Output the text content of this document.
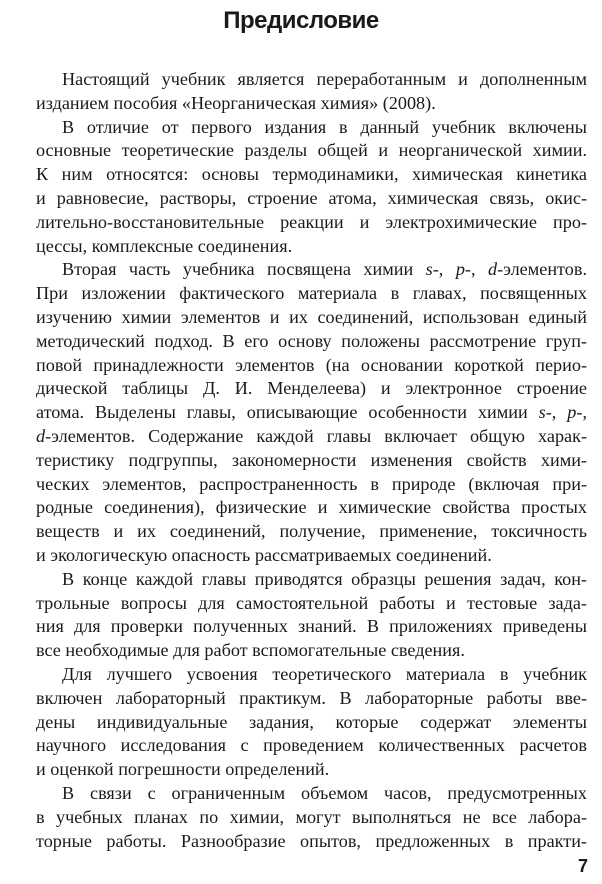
Предисловие
Настоящий учебник является переработанным и дополненным
изданием пособия «Неорганическая химия» (2008).
В отличие от первого издания в данный учебник включены
основные теоретические разделы общей и неорганической химии.
К ним относятся: основы термодинамики, химическая кинетика
и равновесие, растворы, строение атома, химическая связь, окис-
лительно-восстановительные реакции и электрохимические про-
цессы, комплексные соединения.
Вторая часть учебника посвящена химии s-, p-, d-элементов.
При изложении фактического материала в главах, посвященных
изучению химии элементов и их соединений, использован единый
методический подход. В его основу положены рассмотрение груп-
повой принадлежности элементов (на основании короткой перио-
дической таблицы Д. И. Менделеева) и электронное строение
атома. Выделены главы, описывающие особенности химии s-, p-,
d-элементов. Содержание каждой главы включает общую харак-
теристику подгруппы, закономерности изменения свойств хими-
ческих элементов, распространенность в природе (включая при-
родные соединения), физические и химические свойства простых
веществ и их соединений, получение, применение, токсичность
и экологическую опасность рассматриваемых соединений.
В конце каждой главы приводятся образцы решения задач, кон-
трольные вопросы для самостоятельной работы и тестовые зада-
ния для проверки полученных знаний. В приложениях приведены
все необходимые для работ вспомогательные сведения.
Для лучшего усвоения теоретического материала в учебник
включен лабораторный практикум. В лабораторные работы вве-
дены индивидуальные задания, которые содержат элементы
научного исследования с проведением количественных расчетов
и оценкой погрешности определений.
В связи с ограниченным объемом часов, предусмотренных
в учебных планах по химии, могут выполняться не все лабора-
торные работы. Разнообразие опытов, предложенных в практи-
7
